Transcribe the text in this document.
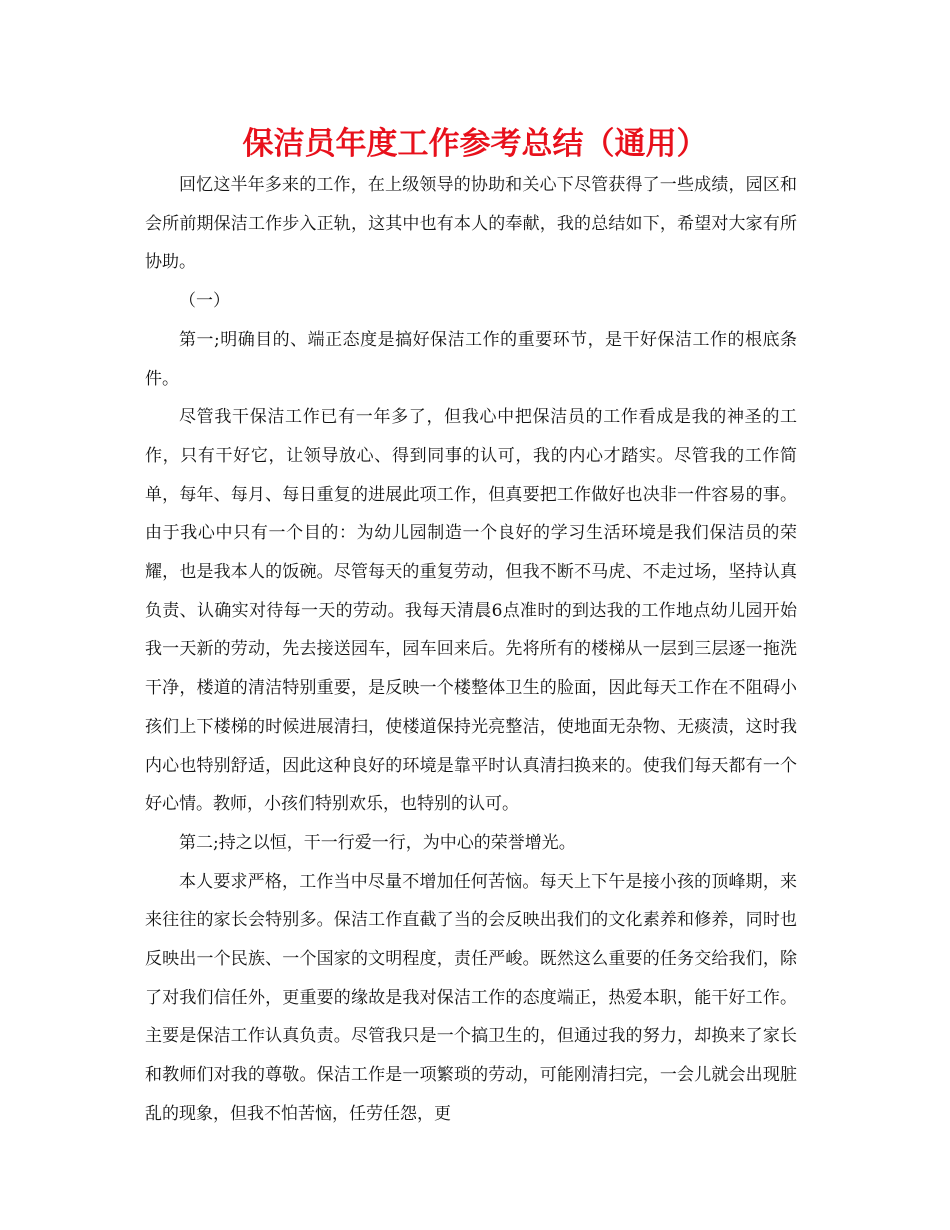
保洁员年度工作参考总结（通用）

回忆这半年多来的工作，在上级领导的协助和关心下尽管获得了一些成绩，园区和会所前期保洁工作步入正轨，这其中也有本人的奉献，我的总结如下，希望对大家有所协助。

（一）

第一;明确目的、端正态度是搞好保洁工作的重要环节，是干好保洁工作的根底条件。

尽管我干保洁工作已有一年多了，但我心中把保洁员的工作看成是我的神圣的工作，只有干好它，让领导放心、得到同事的认可，我的内心才踏实。尽管我的工作简单，每年、每月、每日重复的进展此项工作，但真要把工作做好也决非一件容易的事。由于我心中只有一个目的：为幼儿园制造一个良好的学习生活环境是我们保洁员的荣耀，也是我本人的饭碗。尽管每天的重复劳动，但我不断不马虎、不走过场，坚持认真负责、认确实对待每一天的劳动。我每天清晨6点准时的到达我的工作地点幼儿园开始我一天新的劳动，先去接送园车，园车回来后。先将所有的楼梯从一层到三层逐一拖洗干净，楼道的清洁特别重要，是反映一个楼整体卫生的脸面，因此每天工作在不阻碍小孩们上下楼梯的时候进展清扫，使楼道保持光亮整洁，使地面无杂物、无痰渍，这时我内心也特别舒适，因此这种良好的环境是靠平时认真清扫换来的。使我们每天都有一个好心情。教师，小孩们特别欢乐，也特别的认可。

第二;持之以恒，干一行爱一行，为中心的荣誉增光。

本人要求严格，工作当中尽量不增加任何苦恼。每天上下午是接小孩的顶峰期，来来往往的家长会特别多。保洁工作直截了当的会反映出我们的文化素养和修养，同时也反映出一个民族、一个国家的文明程度，责任严峻。既然这么重要的任务交给我们，除了对我们信任外，更重要的缘故是我对保洁工作的态度端正，热爱本职，能干好工作。主要是保洁工作认真负责。尽管我只是一个搞卫生的，但通过我的努力，却换来了家长和教师们对我的尊敬。保洁工作是一项繁琐的劳动，可能刚清扫完，一会儿就会出现脏乱的现象，但我不怕苦恼，任劳任怨，更
